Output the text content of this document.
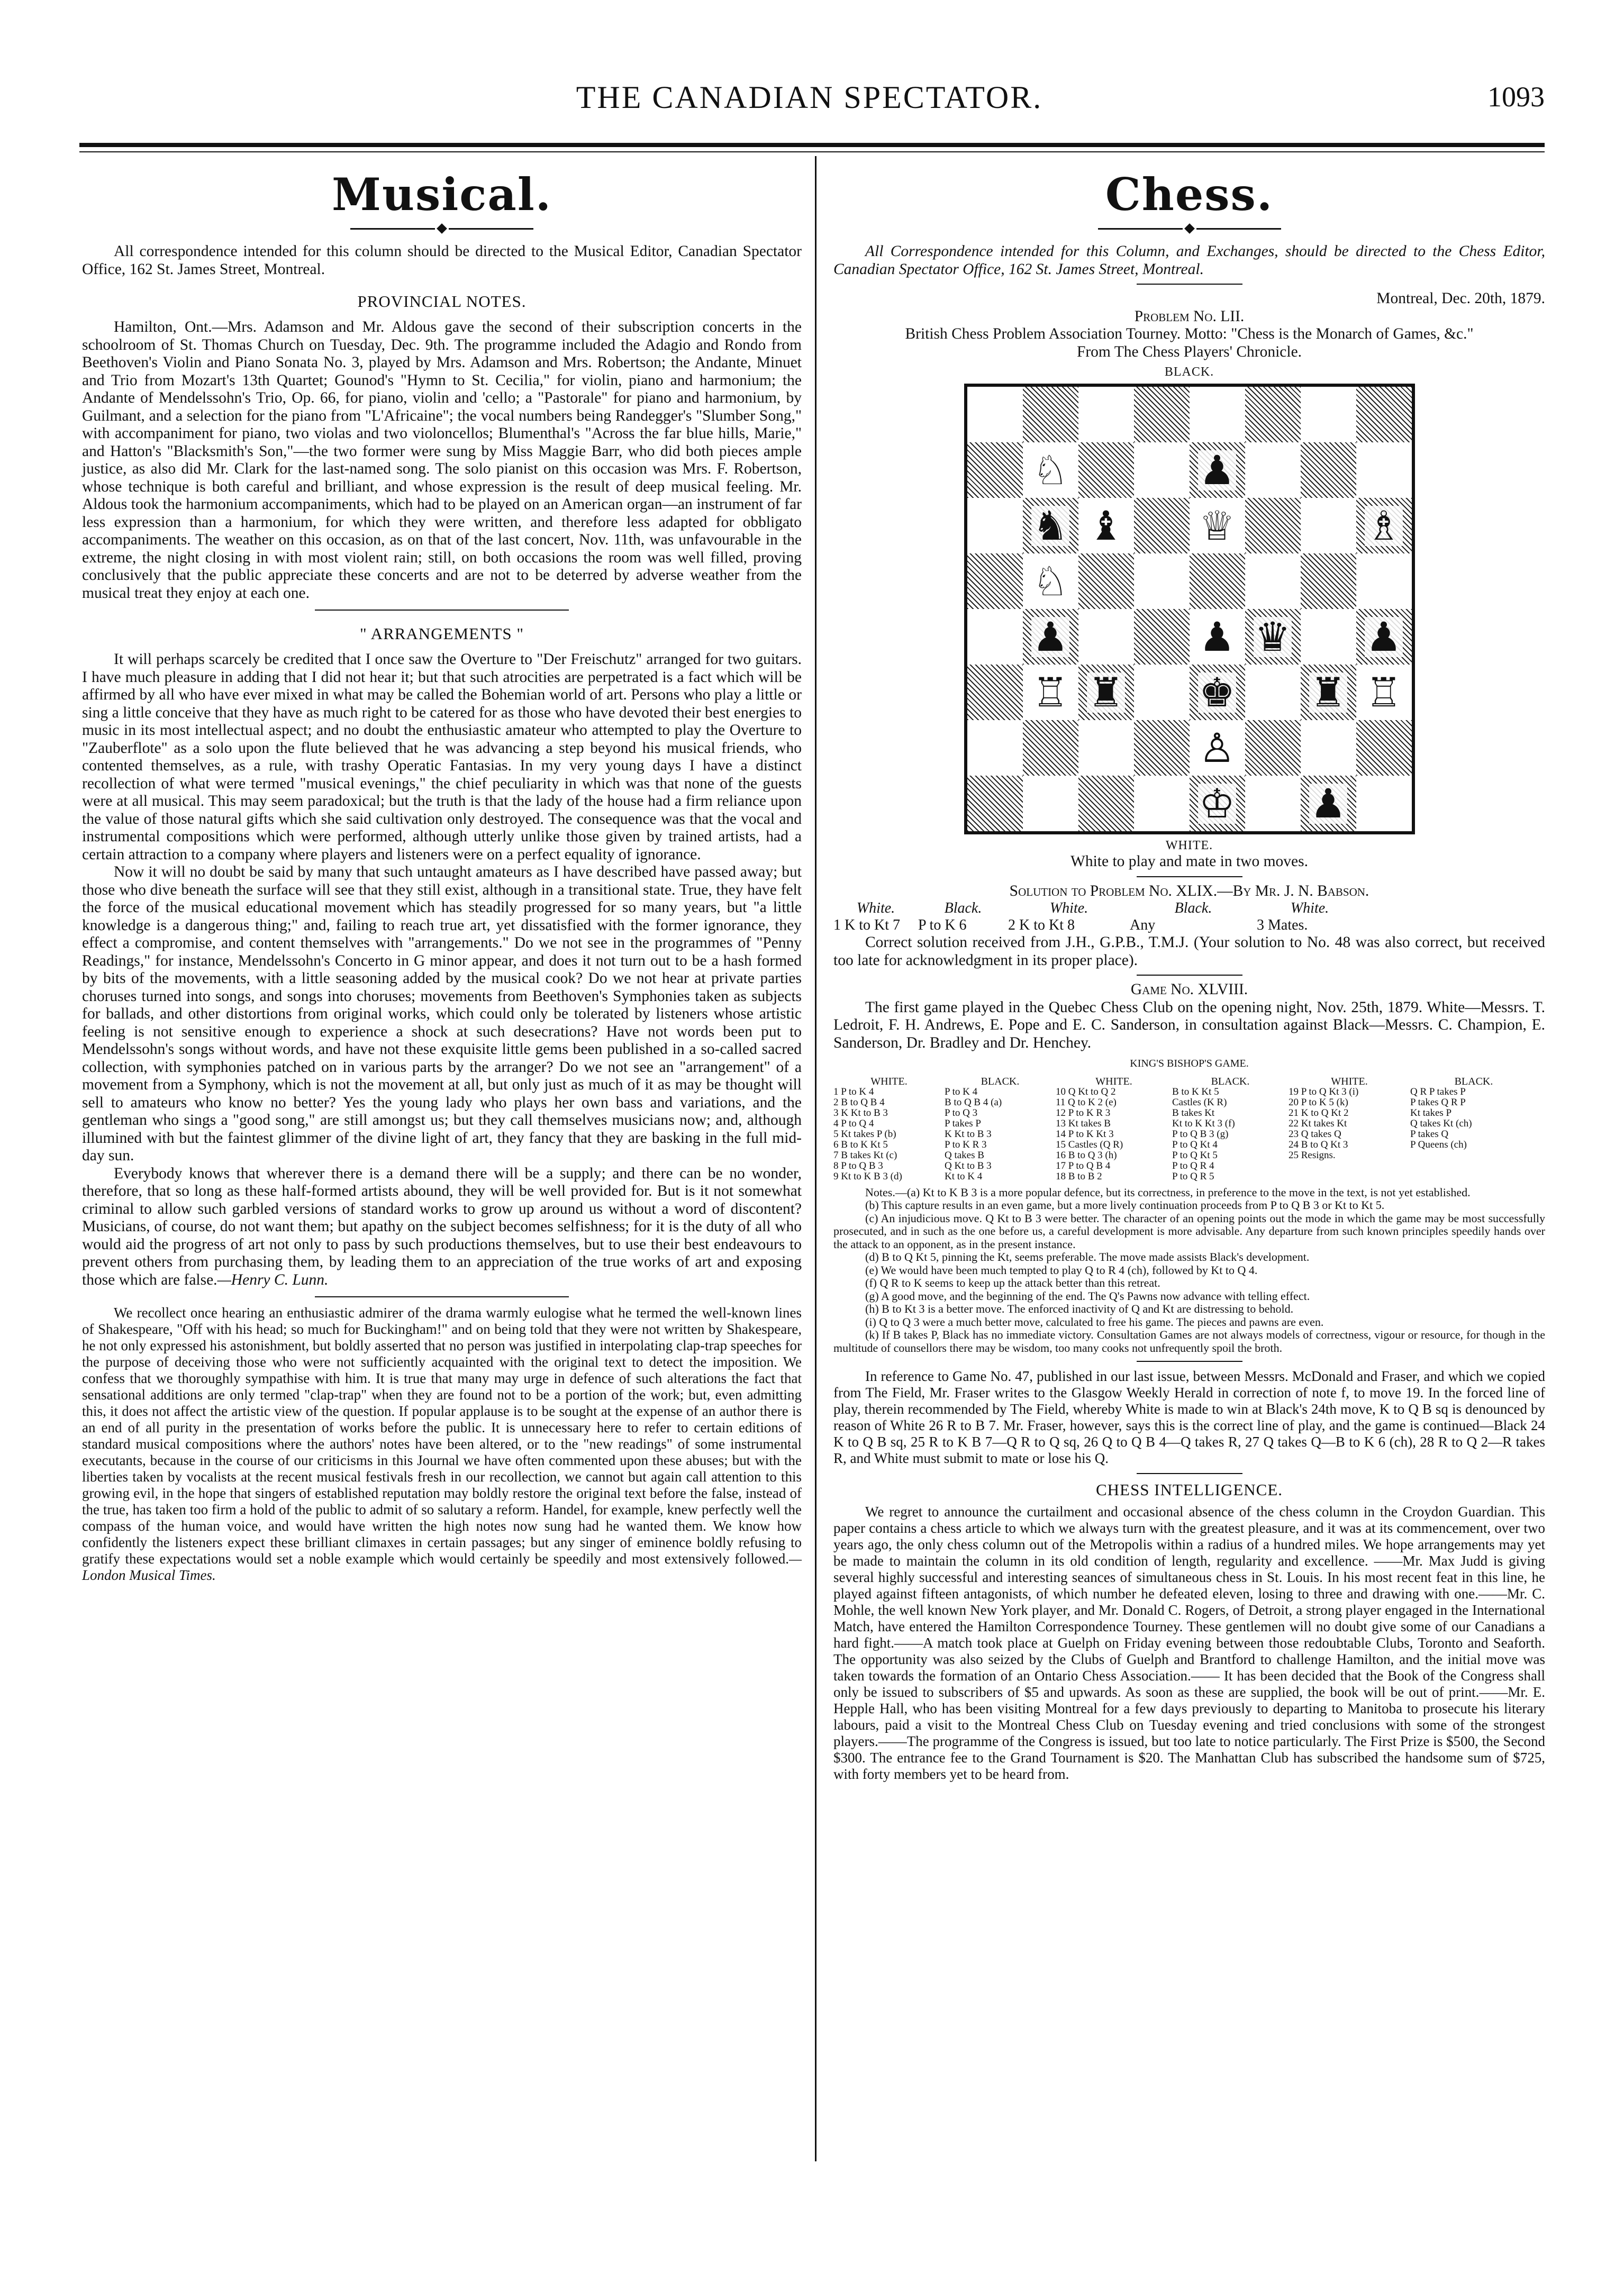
THE CANADIAN SPECTATOR.	1093
Musical.

All correspondence intended for this column should be directed to the Musical Editor, Canadian Spectator Office, 162 St. James Street, Montreal.

PROVINCIAL NOTES.

Hamilton, Ont.—Mrs. Adamson and Mr. Aldous gave the second of their subscription concerts in the schoolroom of St. Thomas Church on Tuesday, Dec. 9th. The programme included the Adagio and Rondo from Beethoven's Violin and Piano Sonata No. 3, played by Mrs. Adamson and Mrs. Robertson; the Andante, Minuet and Trio from Mozart's 13th Quartet; Gounod's "Hymn to St. Cecilia," for violin, piano and harmonium; the Andante of Mendelssohn's Trio, Op. 66, for piano, violin and 'cello; a "Pastorale" for piano and harmonium, by Guilmant, and a selection for the piano from "L'Africaine"; the vocal numbers being Randegger's "Slumber Song," with accompaniment for piano, two violas and two violoncellos; Blumenthal's "Across the far blue hills, Marie," and Hatton's "Blacksmith's Son,"—the two former were sung by Miss Maggie Barr, who did both pieces ample justice, as also did Mr. Clark for the last-named song. The solo pianist on this occasion was Mrs. F. Robertson, whose technique is both careful and brilliant, and whose expression is the result of deep musical feeling. Mr. Aldous took the harmonium accompaniments, which had to be played on an American organ—an instrument of far less expression than a harmonium, for which they were written, and therefore less adapted for obbligato accompaniments. The weather on this occasion, as on that of the last concert, Nov. 11th, was unfavourable in the extreme, the night closing in with most violent rain; still, on both occasions the room was well filled, proving conclusively that the public appreciate these concerts and are not to be deterred by adverse weather from the musical treat they enjoy at each one.

" ARRANGEMENTS "

It will perhaps scarcely be credited that I once saw the Overture to "Der Freischutz" arranged for two guitars. I have much pleasure in adding that I did not hear it; but that such atrocities are perpetrated is a fact which will be affirmed by all who have ever mixed in what may be called the Bohemian world of art. Persons who play a little or sing a little conceive that they have as much right to be catered for as those who have devoted their best energies to music in its most intellectual aspect; and no doubt the enthusiastic amateur who attempted to play the Overture to "Zauberflote" as a solo upon the flute believed that he was advancing a step beyond his musical friends, who contented themselves, as a rule, with trashy Operatic Fantasias. In my very young days I have a distinct recollection of what were termed "musical evenings," the chief peculiarity in which was that none of the guests were at all musical. This may seem paradoxical; but the truth is that the lady of the house had a firm reliance upon the value of those natural gifts which she said cultivation only destroyed. The consequence was that the vocal and instrumental compositions which were performed, although utterly unlike those given by trained artists, had a certain attraction to a company where players and listeners were on a perfect equality of ignorance.

Now it will no doubt be said by many that such untaught amateurs as I have described have passed away; but those who dive beneath the surface will see that they still exist, although in a transitional state. True, they have felt the force of the musical educational movement which has steadily progressed for so many years, but "a little knowledge is a dangerous thing;" and, failing to reach true art, yet dissatisfied with the former ignorance, they effect a compromise, and content themselves with "arrangements." Do we not see in the programmes of "Penny Readings," for instance, Mendelssohn's Concerto in G minor appear, and does it not turn out to be a hash formed by bits of the movements, with a little seasoning added by the musical cook? Do we not hear at private parties choruses turned into songs, and songs into choruses; movements from Beethoven's Symphonies taken as subjects for ballads, and other distortions from original works, which could only be tolerated by listeners whose artistic feeling is not sensitive enough to experience a shock at such desecrations? Have not words been put to Mendelssohn's songs without words, and have not these exquisite little gems been published in a so-called sacred collection, with symphonies patched on in various parts by the arranger? Do we not see an "arrangement" of a movement from a Symphony, which is not the movement at all, but only just as much of it as may be thought will sell to amateurs who know no better? Yes the young lady who plays her own bass and variations, and the gentleman who sings a "good song," are still amongst us; but they call themselves musicians now; and, although illumined with but the faintest glimmer of the divine light of art, they fancy that they are basking in the full mid-day sun.

Everybody knows that wherever there is a demand there will be a supply; and there can be no wonder, therefore, that so long as these half-formed artists abound, they will be well provided for. But is it not somewhat criminal to allow such garbled versions of standard works to grow up around us without a word of discontent? Musicians, of course, do not want them; but apathy on the subject becomes selfishness; for it is the duty of all who would aid the progress of art not only to pass by such productions themselves, but to use their best endeavours to prevent others from purchasing them, by leading them to an appreciation of the true works of art and exposing those which are false.—Henry C. Lunn.

We recollect once hearing an enthusiastic admirer of the drama warmly eulogise what he termed the well-known lines of Shakespeare, "Off with his head; so much for Buckingham!" and on being told that they were not written by Shakespeare, he not only expressed his astonishment, but boldly asserted that no person was justified in interpolating clap-trap speeches for the purpose of deceiving those who were not sufficiently acquainted with the original text to detect the imposition. We confess that we thoroughly sympathise with him. It is true that many may urge in defence of such alterations the fact that sensational additions are only termed "clap-trap" when they are found not to be a portion of the work; but, even admitting this, it does not affect the artistic view of the question. If popular applause is to be sought at the expense of an author there is an end of all purity in the presentation of works before the public. It is unnecessary here to refer to certain editions of standard musical compositions where the authors' notes have been altered, or to the "new readings" of some instrumental executants, because in the course of our criticisms in this Journal we have often commented upon these abuses; but with the liberties taken by vocalists at the recent musical festivals fresh in our recollection, we cannot but again call attention to this growing evil, in the hope that singers of established reputation may boldly restore the original text before the false, instead of the true, has taken too firm a hold of the public to admit of so salutary a reform. Handel, for example, knew perfectly well the compass of the human voice, and would have written the high notes now sung had he wanted them. We know how confidently the listeners expect these brilliant climaxes in certain passages; but any singer of eminence boldly refusing to gratify these expectations would set a noble example which would certainly be speedily and most extensively followed.—London Musical Times.

Chess.

All Correspondence intended for this Column, and Exchanges, should be directed to the Chess Editor, Canadian Spectator Office, 162 St. James Street, Montreal.

Montreal, Dec. 20th, 1879.

Problem No. LII.

British Chess Problem Association Tourney. Motto: "Chess is the Monarch of Games, &c."

From The Chess Players' Chronicle.

BLACK.
♘	♟
♞ ♝ ♕	♗
♘
♟	♟ ♛ ♟
♖ ♜ ♚ ♜ ♖
♙
♔ ♟
WHITE.

White to play and mate in two moves.

Solution to Problem No. XLIX.—By Mr. J. N. Babson.

White.	Black.	White.	Black.	White.
1 K to Kt 7	P to K 6	2 K to Kt 8	Any	3 Mates.

Correct solution received from J.H., G.P.B., T.M.J. (Your solution to No. 48 was also correct, but received too late for acknowledgment in its proper place).

Game No. XLVIII.

The first game played in the Quebec Chess Club on the opening night, Nov. 25th, 1879. White—Messrs. T. Ledroit, F. H. Andrews, E. Pope and E. C. Sanderson, in consultation against Black—Messrs. C. Champion, E. Sanderson, Dr. Bradley and Dr. Henchey.

KING'S BISHOP'S GAME.

WHITE.	BLACK.	WHITE.	BLACK.	WHITE.	BLACK.
1 P to K 4	P to K 4	10 Q Kt to Q 2	B to K Kt 5	19 P to Q Kt 3 (i)	Q R P takes P
2 B to Q B 4	B to Q B 4 (a)	11 Q to K 2 (e)	Castles (K R)	20 P to K 5 (k)	P takes Q R P
3 K Kt to B 3	P to Q 3	12 P to K R 3	B takes Kt	21 K to Q Kt 2	Kt takes P
4 P to Q 4	P takes P	13 Kt takes B	Kt to K Kt 3 (f)	22 Kt takes Kt	Q takes Kt (ch)
5 Kt takes P (b)	K Kt to B 3	14 P to K Kt 3	P to Q B 3 (g)	23 Q takes Q	P takes Q
6 B to K Kt 5	P to K R 3	15 Castles (Q R)	P to Q Kt 4	24 B to Q Kt 3	P Queens (ch)
7 B takes Kt (c)	Q takes B	16 B to Q 3 (h)	P to Q Kt 5	25 Resigns.
8 P to Q B 3	Q Kt to B 3	17 P to Q B 4	P to Q R 4
9 Kt to K B 3 (d)	Kt to K 4	18 B to B 2	P to Q R 5

Notes.—(a) Kt to K B 3 is a more popular defence, but its correctness, in preference to the move in the text, is not yet established.

(b) This capture results in an even game, but a more lively continuation proceeds from P to Q B 3 or Kt to Kt 5.

(c) An injudicious move. Q Kt to B 3 were better. The character of an opening points out the mode in which the game may be most successfully prosecuted, and in such as the one before us, a careful development is more advisable. Any departure from such known principles speedily hands over the attack to an opponent, as in the present instance.

(d) B to Q Kt 5, pinning the Kt, seems preferable. The move made assists Black's development.

(e) We would have been much tempted to play Q to R 4 (ch), followed by Kt to Q 4.

(f) Q R to K seems to keep up the attack better than this retreat.

(g) A good move, and the beginning of the end. The Q's Pawns now advance with telling effect.

(h) B to Kt 3 is a better move. The enforced inactivity of Q and Kt are distressing to behold.

(i) Q to Q 3 were a much better move, calculated to free his game. The pieces and pawns are even.

(k) If B takes P, Black has no immediate victory. Consultation Games are not always models of correctness, vigour or resource, for though in the multitude of counsellors there may be wisdom, too many cooks not unfrequently spoil the broth.

In reference to Game No. 47, published in our last issue, between Messrs. McDonald and Fraser, and which we copied from The Field, Mr. Fraser writes to the Glasgow Weekly Herald in correction of note f, to move 19. In the forced line of play, therein recommended by The Field, whereby White is made to win at Black's 24th move, K to Q B sq is denounced by reason of White 26 R to B 7. Mr. Fraser, however, says this is the correct line of play, and the game is continued—Black 24 K to Q B sq, 25 R to K B 7—Q R to Q sq, 26 Q to Q B 4—Q takes R, 27 Q takes Q—B to K 6 (ch), 28 R to Q 2—R takes R, and White must submit to mate or lose his Q.

CHESS INTELLIGENCE.

We regret to announce the curtailment and occasional absence of the chess column in the Croydon Guardian. This paper contains a chess article to which we always turn with the greatest pleasure, and it was at its commencement, over two years ago, the only chess column out of the Metropolis within a radius of a hundred miles. We hope arrangements may yet be made to maintain the column in its old condition of length, regularity and excellence. ——Mr. Max Judd is giving several highly successful and interesting seances of simultaneous chess in St. Louis. In his most recent feat in this line, he played against fifteen antagonists, of which number he defeated eleven, losing to three and drawing with one.——Mr. C. Mohle, the well known New York player, and Mr. Donald C. Rogers, of Detroit, a strong player engaged in the International Match, have entered the Hamilton Correspondence Tourney. These gentlemen will no doubt give some of our Canadians a hard fight.——A match took place at Guelph on Friday evening between those redoubtable Clubs, Toronto and Seaforth. The opportunity was also seized by the Clubs of Guelph and Brantford to challenge Hamilton, and the initial move was taken towards the formation of an Ontario Chess Association.—— It has been decided that the Book of the Congress shall only be issued to subscribers of $5 and upwards. As soon as these are supplied, the book will be out of print.——Mr. E. Hepple Hall, who has been visiting Montreal for a few days previously to departing to Manitoba to prosecute his literary labours, paid a visit to the Montreal Chess Club on Tuesday evening and tried conclusions with some of the strongest players.——The programme of the Congress is issued, but too late to notice particularly. The First Prize is $500, the Second $300. The entrance fee to the Grand Tournament is $20. The Manhattan Club has subscribed the handsome sum of $725, with forty members yet to be heard from.
